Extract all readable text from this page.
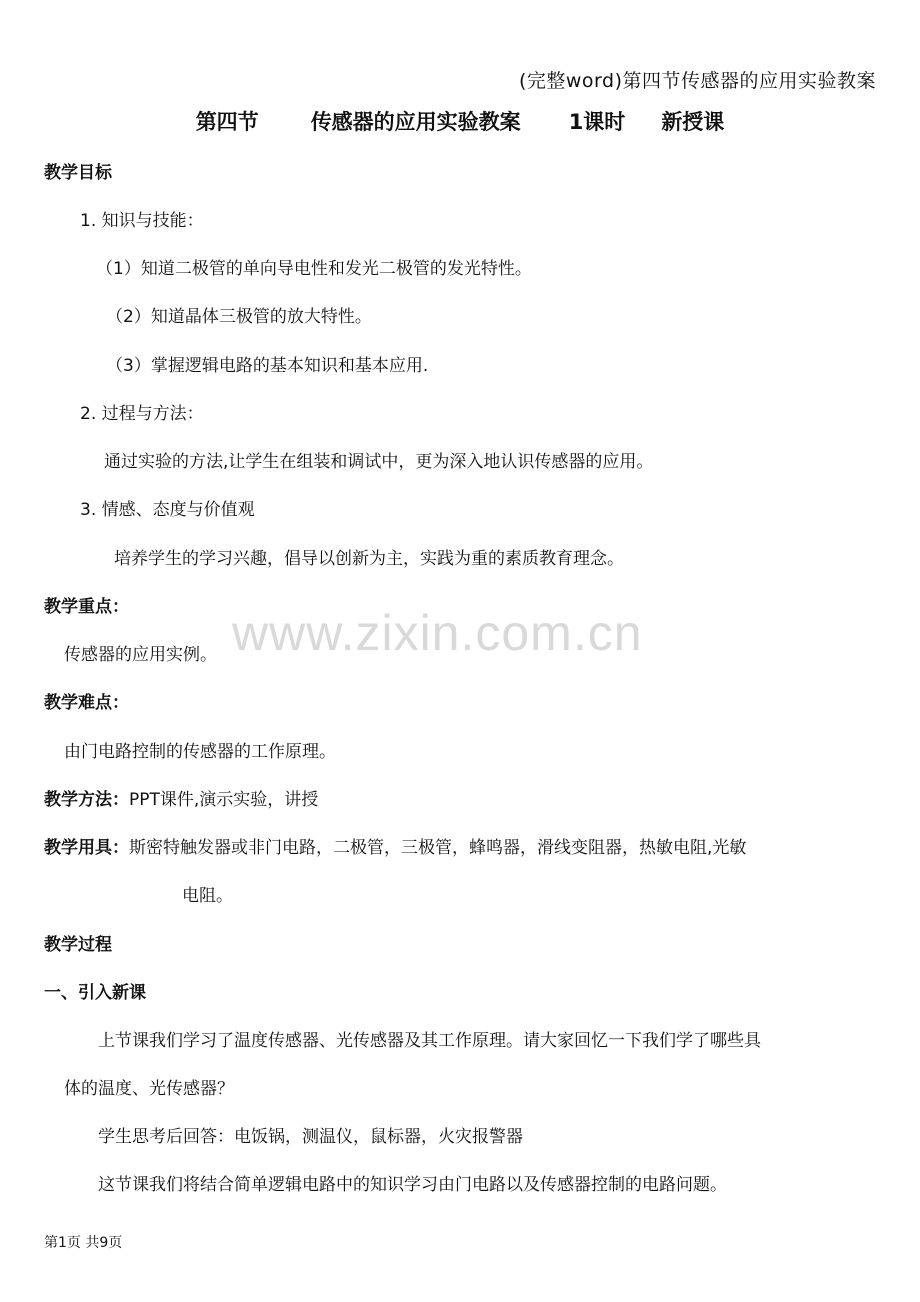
(完整word)第四节传感器的应用实验教案
第四节 传感器的应用实验教案 1课时 新授课
教学目标
1. 知识与技能：
（1）知道二极管的单向导电性和发光二极管的发光特性。
（2）知道晶体三极管的放大特性。
（3）掌握逻辑电路的基本知识和基本应用.
2. 过程与方法：
通过实验的方法,让学生在组装和调试中，更为深入地认识传感器的应用。
3. 情感、态度与价值观
培养学生的学习兴趣，倡导以创新为主，实践为重的素质教育理念。
教学重点：
传感器的应用实例。
教学难点：
由门电路控制的传感器的工作原理。
教学方法：PPT课件,演示实验，讲授
教学用具：斯密特触发器或非门电路，二极管，三极管，蜂鸣器，滑线变阻器，热敏电阻,光敏
电阻。
教学过程
一、引入新课
上节课我们学习了温度传感器、光传感器及其工作原理。请大家回忆一下我们学了哪些具
体的温度、光传感器？
学生思考后回答：电饭锅，测温仪，鼠标器，火灾报警器
这节课我们将结合简单逻辑电路中的知识学习由门电路以及传感器控制的电路问题。
www.zixin.com.cn
第1页 共9页
